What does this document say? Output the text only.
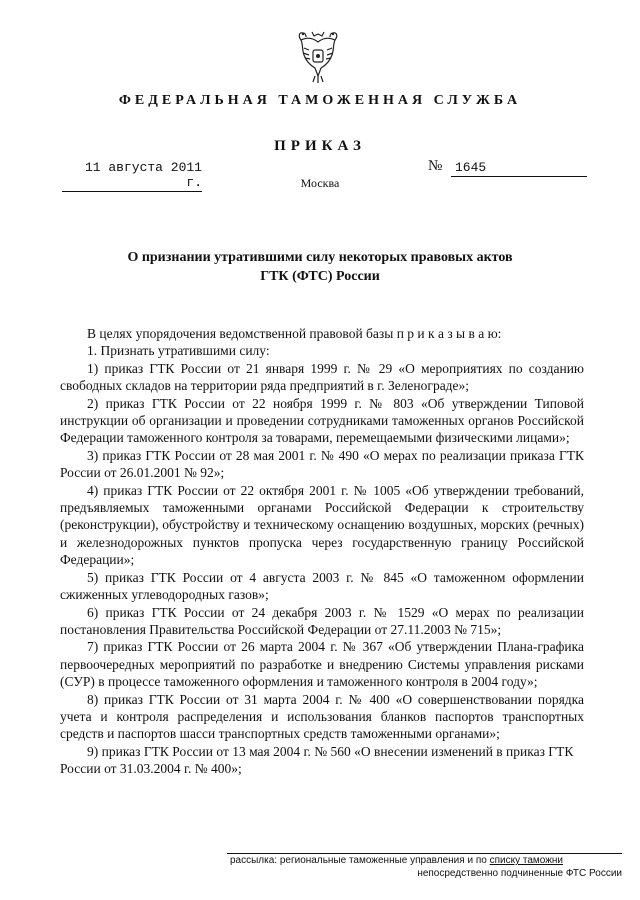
ФЕДЕРАЛЬНАЯ ТАМОЖЕННАЯ СЛУЖБА
ПРИКАЗ
11 августа 2011 г.
№ 1645
Москва
О признании утратившими силу некоторых правовых актов
ГТК (ФТС) России

В целях упорядочения ведомственной правовой базы п р и к а з ы в а ю:

1. Признать утратившими силу:

1) приказ ГТК России от 21 января 1999 г. № 29 «О мероприятиях по созданию свободных складов на территории ряда предприятий в г. Зеленограде»;

2) приказ ГТК России от 22 ноября 1999 г. № 803 «Об утверждении Типовой инструкции об организации и проведении сотрудниками таможенных органов Российской Федерации таможенного контроля за товарами, перемещаемыми физическими лицами»;

3) приказ ГТК России от 28 мая 2001 г. № 490 «О мерах по реализации приказа ГТК России от 26.01.2001 № 92»;

4) приказ ГТК России от 22 октября 2001 г. № 1005 «Об утверждении требований, предъявляемых таможенными органами Российской Федерации к строительству (реконструкции), обустройству и техническому оснащению воздушных, морских (речных) и железнодорожных пунктов пропуска через государственную границу Российской Федерации»;

5) приказ ГТК России от 4 августа 2003 г. № 845 «О таможенном оформлении сжиженных углеводородных газов»;

6) приказ ГТК России от 24 декабря 2003 г. № 1529 «О мерах по реализации постановления Правительства Российской Федерации от 27.11.2003 № 715»;

7) приказ ГТК России от 26 марта 2004 г. № 367 «Об утверждении Плана-графика первоочередных мероприятий по разработке и внедрению Системы управления рисками (СУР) в процессе таможенного оформления и таможенного контроля в 2004 году»;

8) приказ ГТК России от 31 марта 2004 г. № 400 «О совершенствовании порядка учета и контроля распределения и использования бланков паспортов транспортных средств и паспортов шасси транспортных средств таможенными органами»;

9) приказ ГТК России от 13 мая 2004 г. № 560 «О внесении изменений в приказ ГТК России от 31.03.2004 г. № 400»;

рассылка: региональные таможенные управления и по списку таможни
непосредственно подчиненные ФТС России
